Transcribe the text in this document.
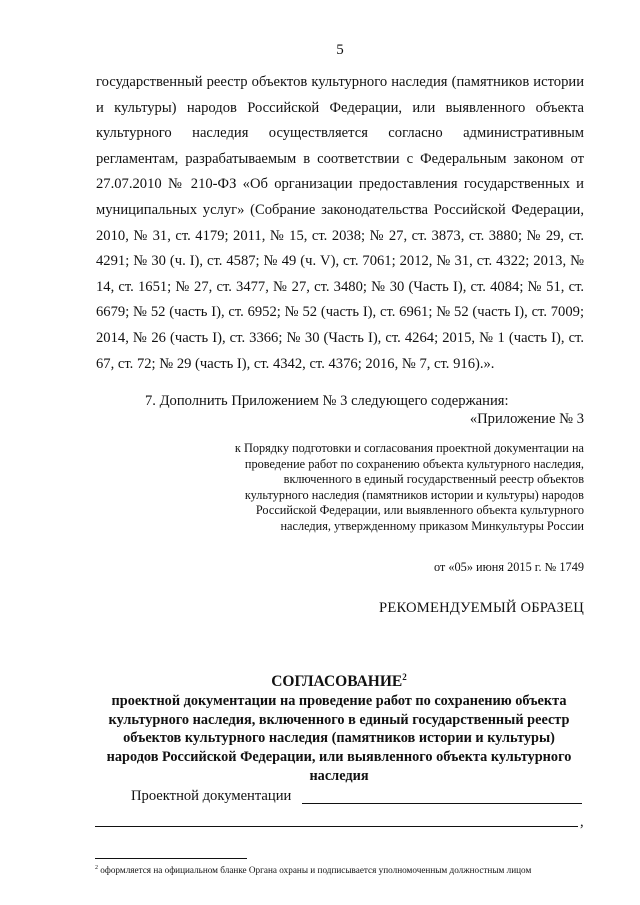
5

государственный реестр объектов культурного наследия (памятников истории и культуры) народов Российской Федерации, или выявленного объекта культурного наследия осуществляется согласно административным регламентам, разрабатываемым в соответствии с Федеральным законом от 27.07.2010 № 210-ФЗ «Об организации предоставления государственных и муниципальных услуг» (Собрание законодательства Российской Федерации, 2010, № 31, ст. 4179; 2011, № 15, ст. 2038; № 27, ст. 3873, ст. 3880; № 29, ст. 4291; № 30 (ч. I), ст. 4587; № 49 (ч. V), ст. 7061; 2012, № 31, ст. 4322; 2013, № 14, ст. 1651; № 27, ст. 3477, № 27, ст. 3480; № 30 (Часть I), ст. 4084; № 51, ст. 6679; № 52 (часть I), ст. 6952; № 52 (часть I), ст. 6961; № 52 (часть I), ст. 7009; 2014, № 26 (часть I), ст. 3366; № 30 (Часть I), ст. 4264; 2015, № 1 (часть I), ст. 67, ст. 72; № 29 (часть I), ст. 4342, ст. 4376; 2016, № 7, ст. 916).».

7. Дополнить Приложением № 3 следующего содержания:
«Приложение № 3

к Порядку подготовки и согласования проектной документации на
проведение работ по сохранению объекта культурного наследия,
включенного в единый государственный реестр объектов
культурного наследия (памятников истории и культуры) народов
Российской Федерации, или выявленного объекта культурного
наследия, утвержденному приказом Минкультуры России

от «05» июня 2015 г. № 1749
РЕКОМЕНДУЕМЫЙ ОБРАЗЕЦ
СОГЛАСОВАНИЕ$^2$

проектной документации на проведение работ по сохранению объекта
культурного наследия, включенного в единый государственный реестр
объектов культурного наследия (памятников истории и культуры)
народов Российской Федерации, или выявленного объекта культурного
наследия

Проектной документации
,
$^2$ оформляется на официальном бланке Органа охраны и подписывается уполномоченным должностным лицом
